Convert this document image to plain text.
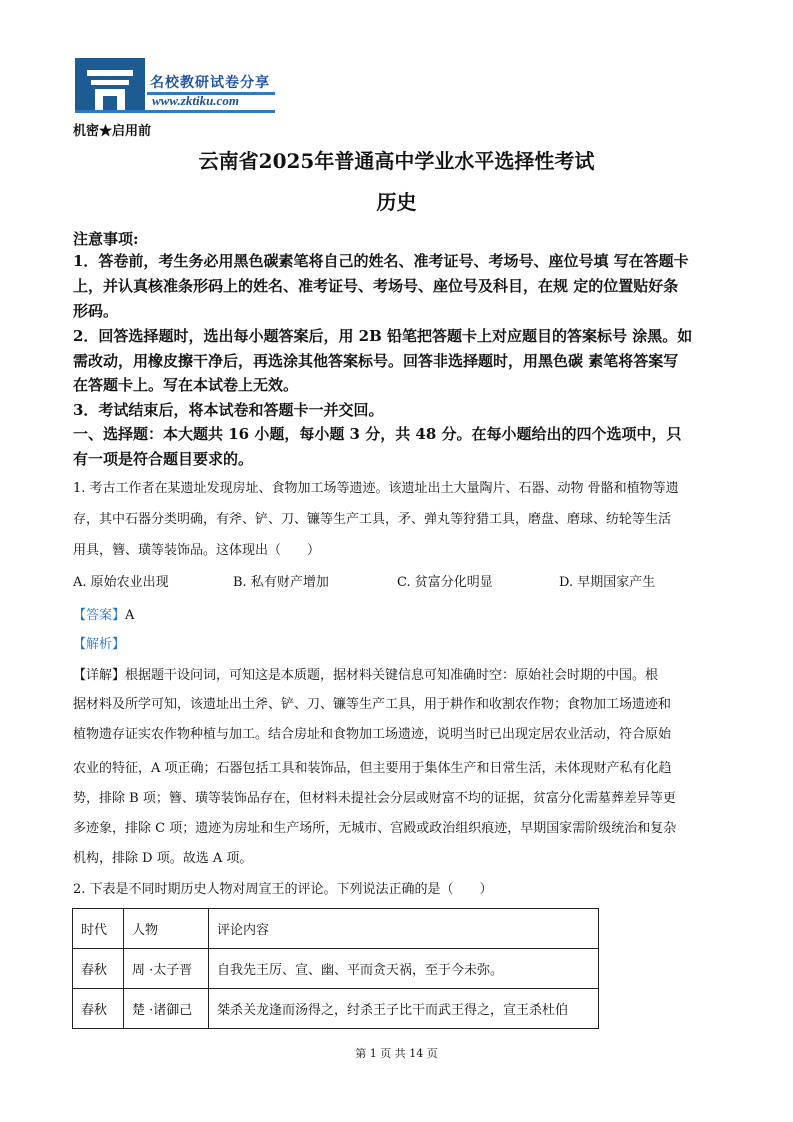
名校教研试卷分享
www.zktiku.com
机密★启用前
云南省2025年普通高中学业水平选择性考试
历史
注意事项:
1．答卷前，考生务必用黑色碳素笔将自己的姓名、准考证号、考场号、座位号填 写在答题卡
上，并认真核准条形码上的姓名、准考证号、考场号、座位号及科目，在规 定的位置贴好条
形码。
2．回答选择题时，选出每小题答案后，用 2B 铅笔把答题卡上对应题目的答案标号 涂黑。如
需改动，用橡皮擦干净后，再选涂其他答案标号。回答非选择题时，用黑色碳 素笔将答案写
在答题卡上。写在本试卷上无效。
3．考试结束后，将本试卷和答题卡一并交回。
一、选择题：本大题共 16 小题，每小题 3 分，共 48 分。在每小题给出的四个选项中，只
有一项是符合题目要求的。
1. 考古工作者在某遗址发现房址、食物加工场等遗迹。该遗址出土大量陶片、石器、动物 骨骼和植物等遗
存，其中石器分类明确，有斧、铲、刀、镰等生产工具，矛、弹丸等狩猎工具，磨盘、磨球、纺轮等生活
用具，簪、璜等装饰品。这体现出（　　）
A. 原始农业出现	B. 私有财产增加	C. 贫富分化明显	D. 早期国家产生
【答案】A
【解析】
【详解】根据题干设问词，可知这是本质题，据材料关键信息可知准确时空：原始社会时期的中国。根
据材料及所学可知，该遗址出土斧、铲、刀、镰等生产工具，用于耕作和收割农作物；食物加工场遗迹和
植物遗存证实农作物种植与加工。结合房址和食物加工场遗迹，说明当时已出现定居农业活动，符合原始
农业的特征，A 项正确；石器包括工具和装饰品，但主要用于集体生产和日常生活，未体现财产私有化趋
势，排除 B 项；簪、璜等装饰品存在，但材料未提社会分层或财富不均的证据，贫富分化需墓葬差异等更
多迹象，排除 C 项；遗迹为房址和生产场所，无城市、宫殿或政治组织痕迹，早期国家需阶级统治和复杂
机构，排除 D 项。故选 A 项。
2. 下表是不同时期历史人物对周宣王的评论。下列说法正确的是（　　）
时代	人物	评论内容
春秋	周 ·太子晋	自我先王厉、宣、幽、平而贪天祸，至于今未弥。
春秋	楚 ·诸御己	桀杀关龙逢而汤得之，纣杀王子比干而武王得之，宣王杀杜伯
第 1 页 共 14 页
